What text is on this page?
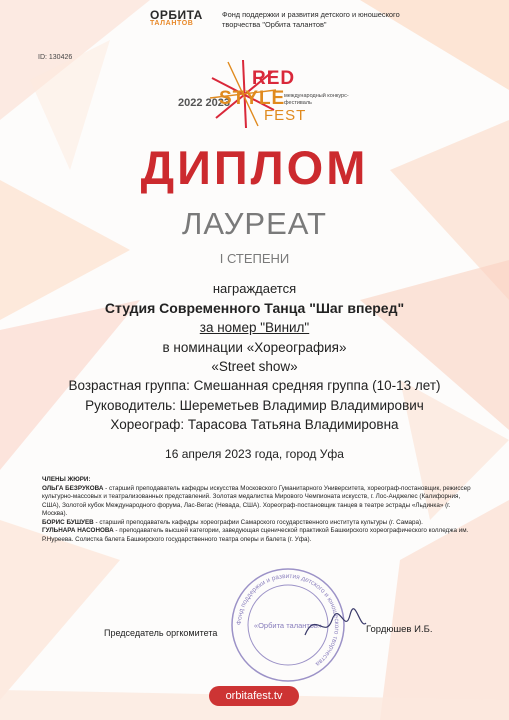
ОРБИТА
ТАЛАНТОВ
Фонд поддержки и развития детского и юношеского творчества "Орбита талантов"
ID: 130426
2022 2023
RED
STYLE
международный конкурс-фестиваль
FEST
ДИПЛОМ
ЛАУРЕАТ
I СТЕПЕНИ
награждается
Студия Современного Танца "Шаг вперед"
за номер "Винил"
в номинации «Хореография»
«Street show»
Возрастная группа: Смешанная средняя группа (10-13 лет)
Руководитель: Шереметьев Владимир Владимирович
Хореограф: Тарасова Татьяна Владимировна
16 апреля 2023 года, город Уфа

ЧЛЕНЫ ЖЮРИ:

ОЛЬГА БЕЗРУКОВА - старший преподаватель кафедры искусства Московского Гуманитарного Университета, хореограф-постановщик, режиссер культурно-массовых и театрализованных представлений. Золотая медалистка Мирового Чемпионата искусств, г. Лос-Анджелес (Калифорния, США), Золотой кубок Международного форума, Лас-Вегас (Невада, США). Хореограф-постановщик танцев в театре эстрады «Льдинка» (г. Москва).

БОРИС БУШУЕВ - старший преподаватель кафедры хореографии Самарского государственного института культуры (г. Самара).

ГУЛЬНАРА НАСОНОВА - преподаватель высшей категории, заведующая сценической практикой Башкирского хореографического колледжа им. Р.Нуреева. Солистка балета Башкирского государственного театра оперы и балета (г. Уфа).

Фонд поддержки и развития детского и юношеского творчества
«Орбита талантов»
Председатель оргкомитета	Гордюшев И.Б.
orbitafest.tv
